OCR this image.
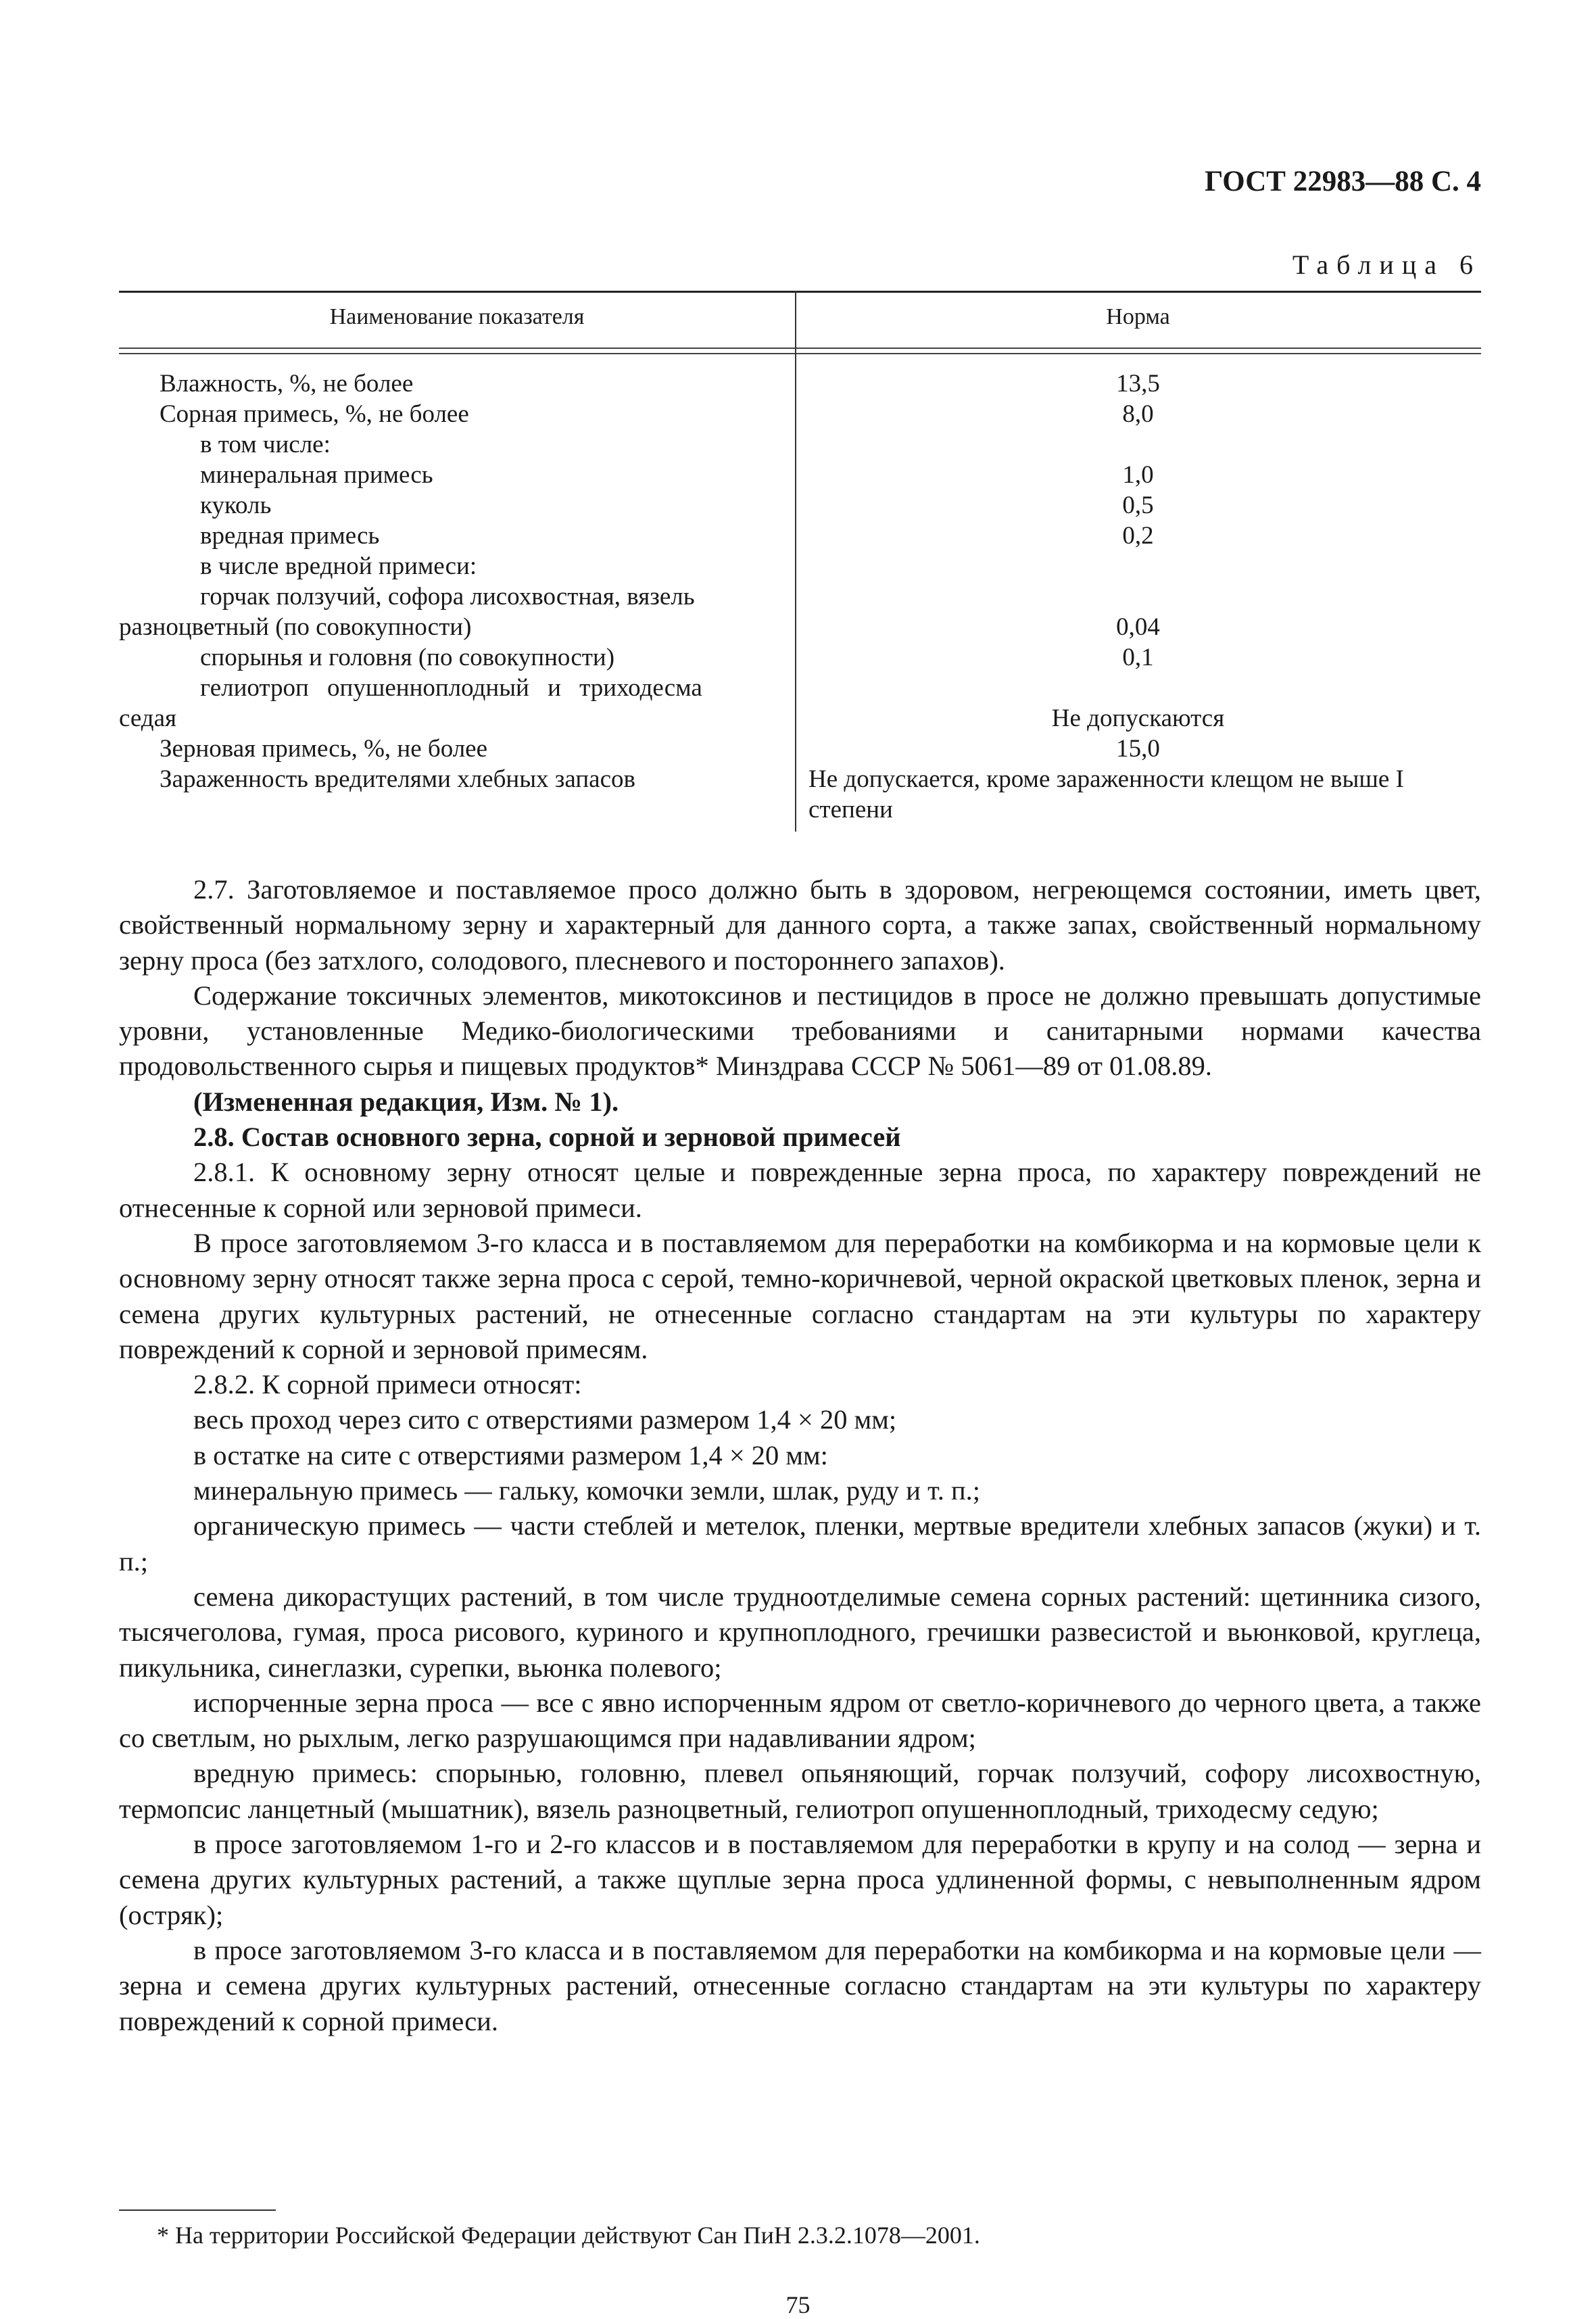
ГОСТ 22983—88 С. 4
Таблица 6
Наименование показателя	Норма
Влажность, %, не более	13,5
Сорная примесь, %, не более	8,0
в том числе:
минеральная примесь	1,0
куколь	0,5
вредная примесь	0,2
в числе вредной примеси:
горчак ползучий, софора лисохвостная, вязель
разноцветный (по совокупности)	0,04
спорынья и головня (по совокупности)	0,1
гелиотроп опушенноплодный и триходесма
седая	Не допускаются
Зерновая примесь, %, не более	15,0
Зараженность вредителями хлебных запасов	Не допускается, кроме зараженности клещом не выше I степени

2.7. Заготовляемое и поставляемое просо должно быть в здоровом, негреющемся состоянии, иметь цвет, свойственный нормальному зерну и характерный для данного сорта, а также запах, свойственный нормальному зерну проса (без затхлого, солодового, плесневого и постороннего запахов).

Содержание токсичных элементов, микотоксинов и пестицидов в просе не должно превышать допустимые уровни, установленные Медико-биологическими требованиями и санитарными нормами качества продовольственного сырья и пищевых продуктов* Минздрава СССР № 5061—89 от 01.08.89.

(Измененная редакция, Изм. № 1).

2.8. Состав основного зерна, сорной и зерновой примесей

2.8.1. К основному зерну относят целые и поврежденные зерна проса, по характеру повреждений не отнесенные к сорной или зерновой примеси.

В просе заготовляемом 3-го класса и в поставляемом для переработки на комбикорма и на кормовые цели к основному зерну относят также зерна проса с серой, темно-коричневой, черной окраской цветковых пленок, зерна и семена других культурных растений, не отнесенные согласно стандартам на эти культуры по характеру повреждений к сорной и зерновой примесям.

2.8.2. К сорной примеси относят:

весь проход через сито с отверстиями размером 1,4 × 20 мм;

в остатке на сите с отверстиями размером 1,4 × 20 мм:

минеральную примесь — гальку, комочки земли, шлак, руду и т. п.;

органическую примесь — части стеблей и метелок, пленки, мертвые вредители хлебных запасов (жуки) и т. п.;

семена дикорастущих растений, в том числе трудноотделимые семена сорных растений: щетинника сизого, тысячеголова, гумая, проса рисового, куриного и крупноплодного, гречишки развесистой и вьюнковой, круглеца, пикульника, синеглазки, сурепки, вьюнка полевого;

испорченные зерна проса — все с явно испорченным ядром от светло-коричневого до черного цвета, а также со светлым, но рыхлым, легко разрушающимся при надавливании ядром;

вредную примесь: спорынью, головню, плевел опьяняющий, горчак ползучий, софору лисохвостную, термопсис ланцетный (мышатник), вязель разноцветный, гелиотроп опушенноплодный, триходесму седую;

в просе заготовляемом 1-го и 2-го классов и в поставляемом для переработки в крупу и на солод — зерна и семена других культурных растений, а также щуплые зерна проса удлиненной формы, с невыполненным ядром (остряк);

в просе заготовляемом 3-го класса и в поставляемом для переработки на комбикорма и на кормовые цели — зерна и семена других культурных растений, отнесенные согласно стандартам на эти культуры по характеру повреждений к сорной примеси.

* На территории Российской Федерации действуют Сан ПиН 2.3.2.1078—2001.
75
